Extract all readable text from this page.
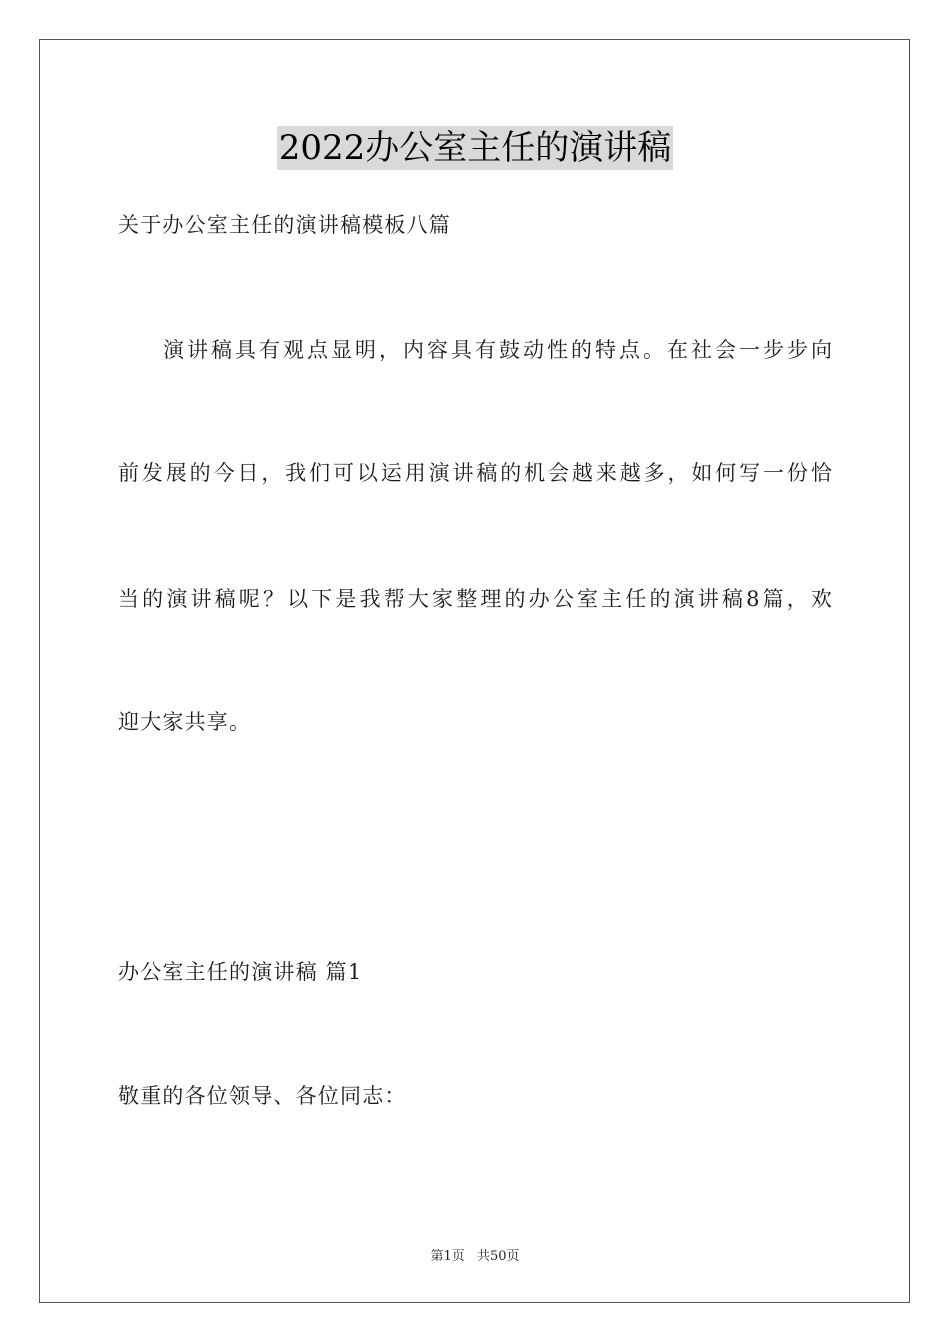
2022办公室主任的演讲稿
关于办公室主任的演讲稿模板八篇
演 讲 稿 具 有 观 点 显 明 ， 内 容 具 有 鼓 动 性 的 特 点 。 在 社 会 一 步 步 向
前 发 展 的 今 日 ， 我 们 可 以 运 用 演 讲 稿 的 机 会 越 来 越 多 ， 如 何 写 一 份 恰
当 的 演 讲 稿 呢 ？ 以 下 是 我 帮 大 家 整 理 的 办 公 室 主 任 的 演 讲 稿 8 篇 ， 欢
迎大家共享。
办公室主任的演讲稿 篇1
敬重的各位领导、各位同志：
第1页 共50页
